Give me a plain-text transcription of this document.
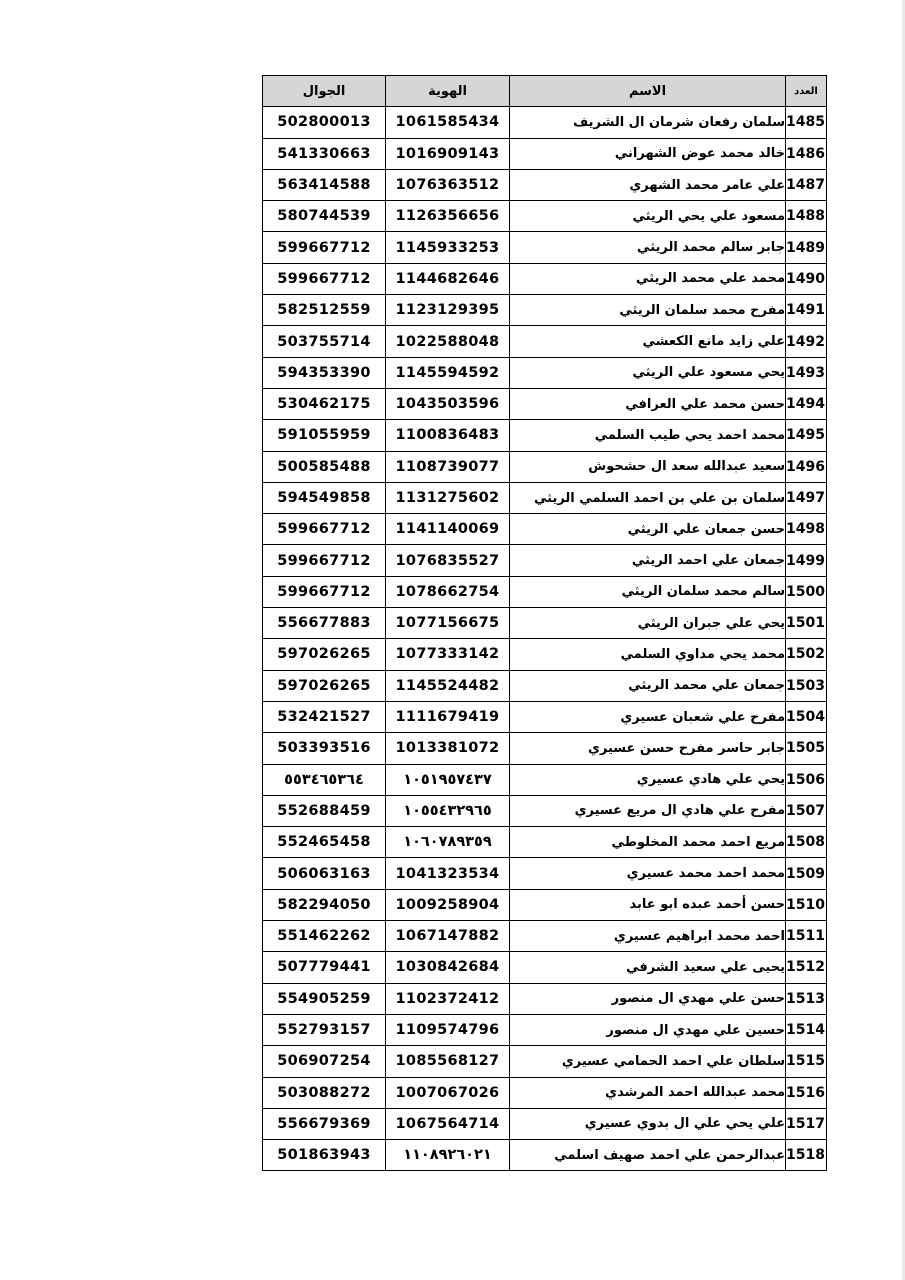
الجوال	الهوية	الاسم	العدد
502800013	1061585434	سلمان رفعان شرمان ال الشريف	1485
541330663	1016909143	خالد محمد عوض الشهراني	1486
563414588	1076363512	علي عامر محمد الشهري	1487
580744539	1126356656	مسعود علي يحي الريثي	1488
599667712	1145933253	جابر سالم محمد الريثي	1489
599667712	1144682646	محمد علي محمد الريثي	1490
582512559	1123129395	مفرح محمد سلمان الريثي	1491
503755714	1022588048	علي زايد مانع الكعشي	1492
594353390	1145594592	يحي مسعود علي الريثي	1493
530462175	1043503596	حسن محمد علي العرافي	1494
591055959	1100836483	محمد احمد يحي طيب السلمي	1495
500585488	1108739077	سعيد عبدالله سعد ال حشحوش	1496
594549858	1131275602	سلمان بن علي بن احمد السلمي الريثي	1497
599667712	1141140069	حسن جمعان علي الريثي	1498
599667712	1076835527	جمعان علي احمد الريثي	1499
599667712	1078662754	سالم محمد سلمان الريثي	1500
556677883	1077156675	يحي علي جبران الريثي	1501
597026265	1077333142	محمد يحي مداوي السلمي	1502
597026265	1145524482	جمعان علي محمد الريثي	1503
532421527	1111679419	مفرح علي شعبان عسيري	1504
503393516	1013381072	جابر حاسر مفرح حسن عسيري	1505
٥٥٣٤٦٥٣٦٤	١٠٥١٩٥٧٤٣٧	يحي علي هادي عسيري	1506
552688459	١٠٥٥٤٣٢٩٦٥	مفرح علي هادي ال مريع عسيري	1507
552465458	١٠٦٠٧٨٩٣٥٩	مريع احمد محمد المخلوطي	1508
506063163	1041323534	محمد احمد محمد عسيري	1509
582294050	1009258904	حسن أحمد عبده ابو عابد	1510
551462262	1067147882	احمد محمد ابراهيم عسيري	1511
507779441	1030842684	يحيى علي سعيد الشرفي	1512
554905259	1102372412	حسن علي مهدي ال منصور	1513
552793157	1109574796	حسين علي مهدي ال منصور	1514
506907254	1085568127	سلطان علي احمد الحمامي عسيري	1515
503088272	1007067026	محمد عبدالله احمد المرشدي	1516
556679369	1067564714	علي يحي علي ال بدوي عسيري	1517
501863943	١١٠٨٩٢٦٠٢١	عبدالرحمن علي احمد صهيف اسلمي	1518
